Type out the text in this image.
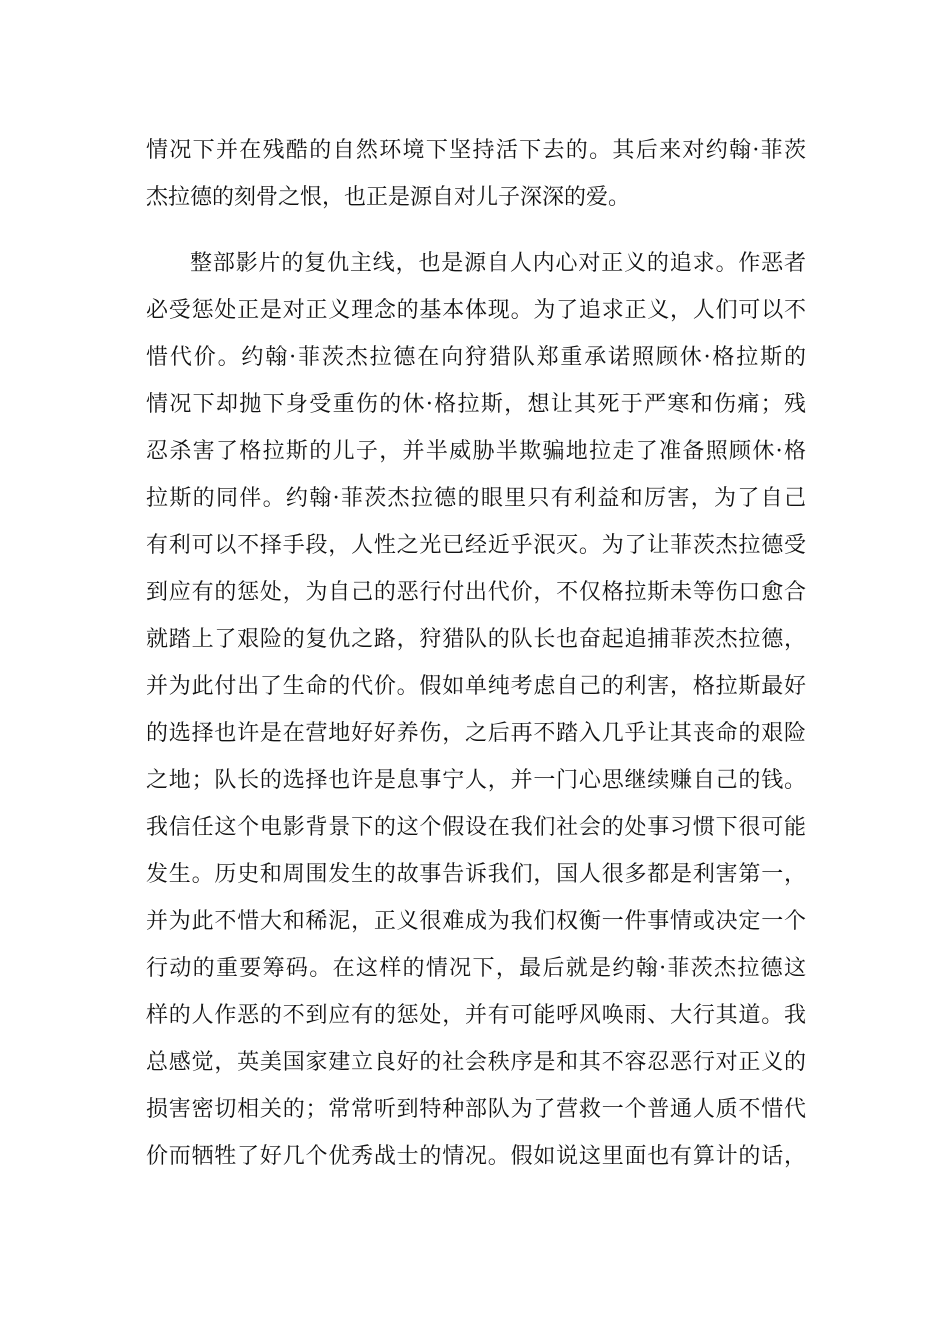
情况下并在残酷的自然环境下坚持活下去的。其后来对约翰·菲茨
杰拉德的刻骨之恨，也正是源自对儿子深深的爱。
整部影片的复仇主线，也是源自人内心对正义的追求。作恶者
必受惩处正是对正义理念的基本体现。为了追求正义，人们可以不
惜代价。约翰·菲茨杰拉德在向狩猎队郑重承诺照顾休·格拉斯的
情况下却抛下身受重伤的休·格拉斯，想让其死于严寒和伤痛；残
忍杀害了格拉斯的儿子，并半威胁半欺骗地拉走了准备照顾休·格
拉斯的同伴。约翰·菲茨杰拉德的眼里只有利益和厉害，为了自己
有利可以不择手段，人性之光已经近乎泯灭。为了让菲茨杰拉德受
到应有的惩处，为自己的恶行付出代价，不仅格拉斯未等伤口愈合
就踏上了艰险的复仇之路，狩猎队的队长也奋起追捕菲茨杰拉德，
并为此付出了生命的代价。假如单纯考虑自己的利害，格拉斯最好
的选择也许是在营地好好养伤，之后再不踏入几乎让其丧命的艰险
之地；队长的选择也许是息事宁人，并一门心思继续赚自己的钱。
我信任这个电影背景下的这个假设在我们社会的处事习惯下很可能
发生。历史和周围发生的故事告诉我们，国人很多都是利害第一，
并为此不惜大和稀泥，正义很难成为我们权衡一件事情或决定一个
行动的重要筹码。在这样的情况下，最后就是约翰·菲茨杰拉德这
样的人作恶的不到应有的惩处，并有可能呼风唤雨、大行其道。我
总感觉，英美国家建立良好的社会秩序是和其不容忍恶行对正义的
损害密切相关的；常常听到特种部队为了营救一个普通人质不惜代
价而牺牲了好几个优秀战士的情况。假如说这里面也有算计的话，
